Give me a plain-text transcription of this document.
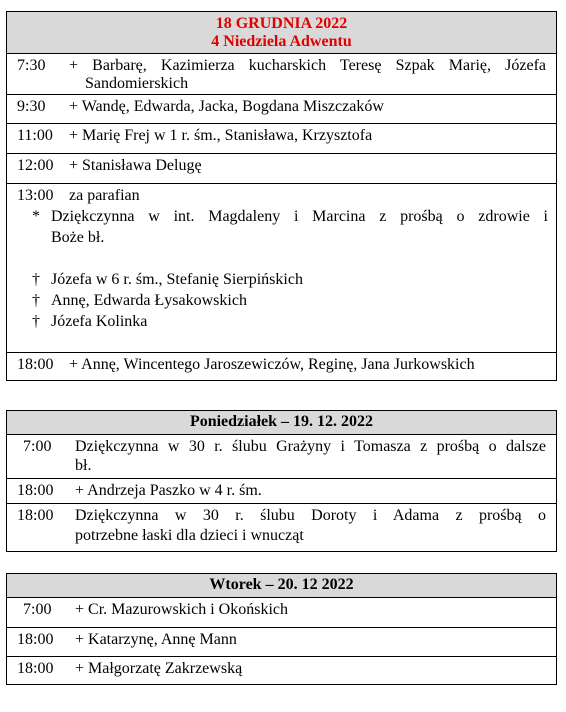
18 GRUDNIA 2022
4 Niedziela Adwentu
7:30 + Barbarę, Kazimierza kucharskich Teresę Szpak Marię, Józefa
Sandomierskich
9:30 + Wandę, Edwarda, Jacka, Bogdana Miszczaków
11:00 + Marię Frej w 1 r. śm., Stanisława, Krzysztofa
12:00 + Stanisława Delugę
13:00 za parafian
* Dziękczynna w int. Magdaleny i Marcina z prośbą o zdrowie i
Boże bł.
† Józefa w 6 r. śm., Stefanię Sierpińskich
† Annę, Edwarda Łysakowskich
† Józefa Kolinka
18:00 + Annę, Wincentego Jaroszewiczów, Reginę, Jana Jurkowskich
Poniedziałek – 19. 12. 2022
7:00 Dziękczynna w 30 r. ślubu Grażyny i Tomasza z prośbą o dalsze
bł.
18:00 + Andrzeja Paszko w 4 r. śm.
18:00 Dziękczynna w 30 r. ślubu Doroty i Adama z prośbą o
potrzebne łaski dla dzieci i wnucząt
Wtorek – 20. 12 2022
7:00 + Cr. Mazurowskich i Okońskich
18:00 + Katarzynę, Annę Mann
18:00 + Małgorzatę Zakrzewską
